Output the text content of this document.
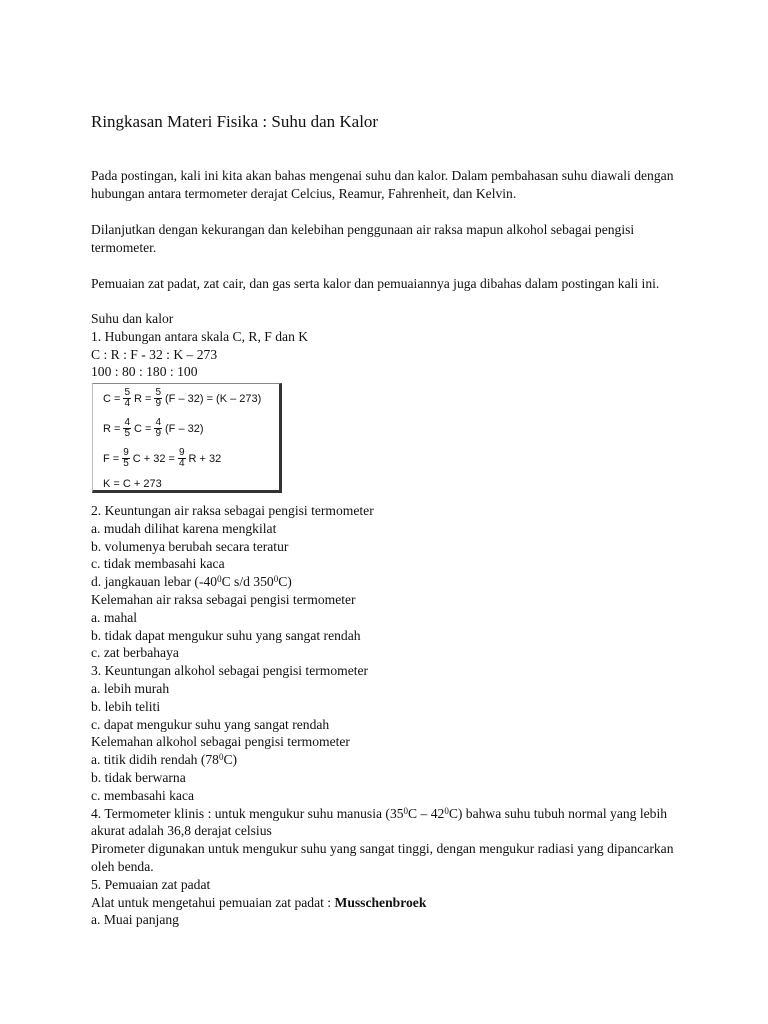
Ringkasan Materi Fisika : Suhu dan Kalor
Pada postingan, kali ini kita akan bahas mengenai suhu dan kalor. Dalam pembahasan suhu diawali dengan hubungan antara termometer derajat Celcius, Reamur, Fahrenheit, dan Kelvin.
Dilanjutkan dengan kekurangan dan kelebihan penggunaan air raksa mapun alkohol sebagai pengisi termometer.
Pemuaian zat padat, zat cair, dan gas serta kalor dan pemuaiannya juga dibahas dalam postingan kali ini.
Suhu dan kalor
1. Hubungan antara skala C, R, F dan K
C : R : F - 32 : K – 273
100 : 80 : 180 : 100
$C = \frac{5}{4}$ $R = \frac{5}{9} (F - 32) = (K - 273)$
$R = \frac{4}{5}$ $C = \frac{4}{9} (F - 32)$
$F = \frac{9}{5}$ $C + 32 = \frac{9}{4}$ R + 32
K = C + 273
2. Keuntungan air raksa sebagai pengisi termometer
a. mudah dilihat karena mengkilat
b. volumenya berubah secara teratur
c. tidak membasahi kaca
d. jangkauan lebar ($-40^0C$ s/d $350^0C$)
Kelemahan air raksa sebagai pengisi termometer
a. mahal
b. tidak dapat mengukur suhu yang sangat rendah
c. zat berbahaya
3. Keuntungan alkohol sebagai pengisi termometer
a. lebih murah
b. lebih teliti
c. dapat mengukur suhu yang sangat rendah
Kelemahan alkohol sebagai pengisi termometer
a. titik didih rendah $(78^0C)$
b. tidak berwarna
c. membasahi kaca
4. Termometer klinis : untuk mengukur suhu manusia $(35^0C - 42^0C)$ bahwa suhu tubuh normal yang lebih akurat adalah 36,8 derajat celsius
Pirometer digunakan untuk mengukur suhu yang sangat tinggi, dengan mengukur radiasi yang dipancarkan oleh benda.
5. Pemuaian zat padat
Alat untuk mengetahui pemuaian zat padat : Musschenbroek
a. Muai panjang
